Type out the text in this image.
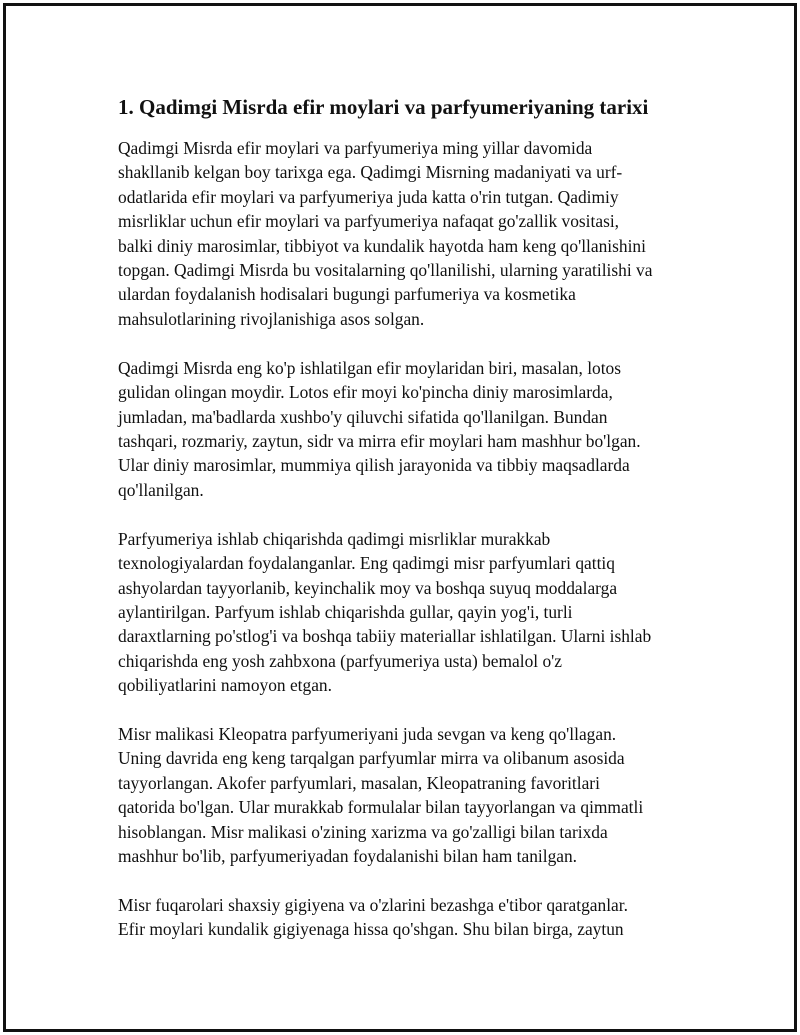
1. Qadimgi Misrda efir moylari va parfyumeriyaning tarixi

Qadimgi Misrda efir moylari va parfyumeriya ming yillar davomida
shakllanib kelgan boy tarixga ega. Qadimgi Misrning madaniyati va urf-
odatlarida efir moylari va parfyumeriya juda katta o'rin tutgan. Qadimiy
misrliklar uchun efir moylari va parfyumeriya nafaqat go'zallik vositasi,
balki diniy marosimlar, tibbiyot va kundalik hayotda ham keng qo'llanishini
topgan. Qadimgi Misrda bu vositalarning qo'llanilishi, ularning yaratilishi va
ulardan foydalanish hodisalari bugungi parfumeriya va kosmetika
mahsulotlarining rivojlanishiga asos solgan.

Qadimgi Misrda eng ko'p ishlatilgan efir moylaridan biri, masalan, lotos
gulidan olingan moydir. Lotos efir moyi ko'pincha diniy marosimlarda,
jumladan, ma'badlarda xushbo'y qiluvchi sifatida qo'llanilgan. Bundan
tashqari, rozmariy, zaytun, sidr va mirra efir moylari ham mashhur bo'lgan.
Ular diniy marosimlar, mummiya qilish jarayonida va tibbiy maqsadlarda
qo'llanilgan.

Parfyumeriya ishlab chiqarishda qadimgi misrliklar murakkab
texnologiyalardan foydalanganlar. Eng qadimgi misr parfyumlari qattiq
ashyolardan tayyorlanib, keyinchalik moy va boshqa suyuq moddalarga
aylantirilgan. Parfyum ishlab chiqarishda gullar, qayin yog'i, turli
daraxtlarning po'stlog'i va boshqa tabiiy materiallar ishlatilgan. Ularni ishlab
chiqarishda eng yosh zahbxona (parfyumeriya usta) bemalol o'z
qobiliyatlarini namoyon etgan.

Misr malikasi Kleopatra parfyumeriyani juda sevgan va keng qo'llagan.
Uning davrida eng keng tarqalgan parfyumlar mirra va olibanum asosida
tayyorlangan. Akofer parfyumlari, masalan, Kleopatraning favoritlari
qatorida bo'lgan. Ular murakkab formulalar bilan tayyorlangan va qimmatli
hisoblangan. Misr malikasi o'zining xarizma va go'zalligi bilan tarixda
mashhur bo'lib, parfyumeriyadan foydalanishi bilan ham tanilgan.

Misr fuqarolari shaxsiy gigiyena va o'zlarini bezashga e'tibor qaratganlar.
Efir moylari kundalik gigiyenaga hissa qo'shgan. Shu bilan birga, zaytun
